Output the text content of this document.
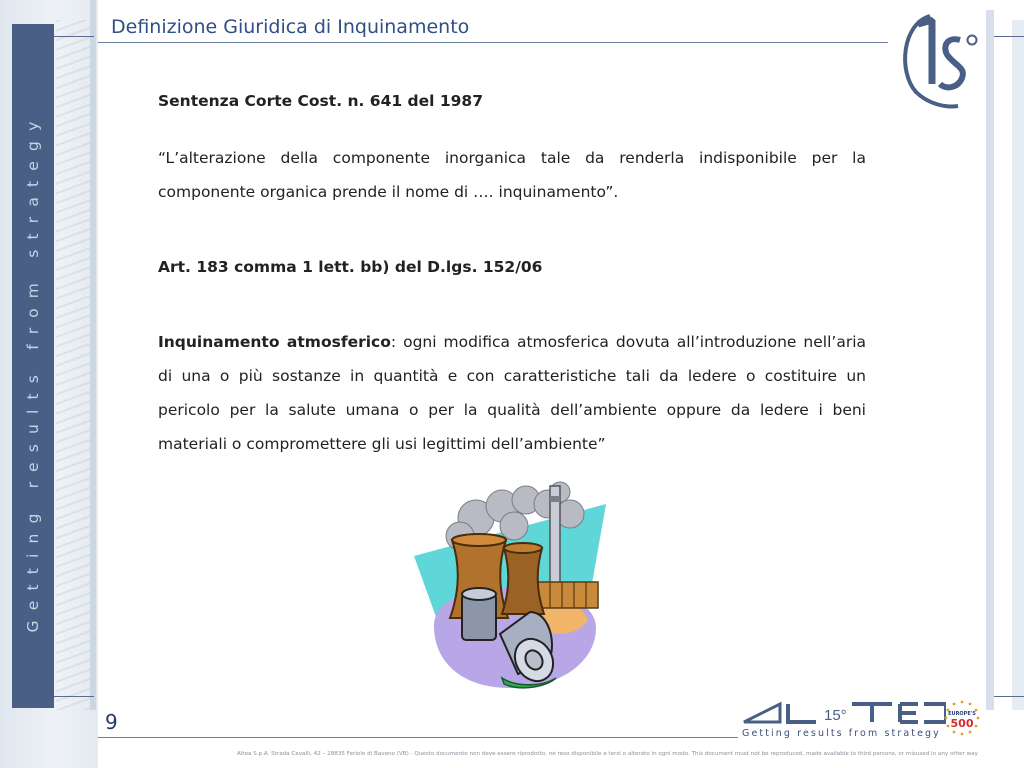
Getting results from strategy
Definizione Giuridica di Inquinamento

Sentenza Corte Cost. n. 641 del 1987

“L’alterazione della componente inorganica tale da renderla indisponibile per la componente organica prende il nome di …. inquinamento”.

Art. 183 comma 1 lett. bb) del D.lgs. 152/06

Inquinamento atmosferico: ogni modifica atmosferica dovuta all’introduzione nell’aria di una o più sostanze in quantità e con caratteristiche tali da ledere o costituire un pericolo per la salute umana o per la qualità dell’ambiente oppure da ledere i beni materiali o compromettere gli usi legittimi dell’ambiente”

9	15°
ALTEC
Getting results from strategy
EUROPE'S
500
Altea S.p.A. Strada Cavalli, 42 – 28835 Feriolo di Baveno (VB) - Questo documento non deve essere riprodotto, né reso disponibile a terzi o alterato in ogni modo. This document must not be reproduced, made available to third persons, or misused in any other way
